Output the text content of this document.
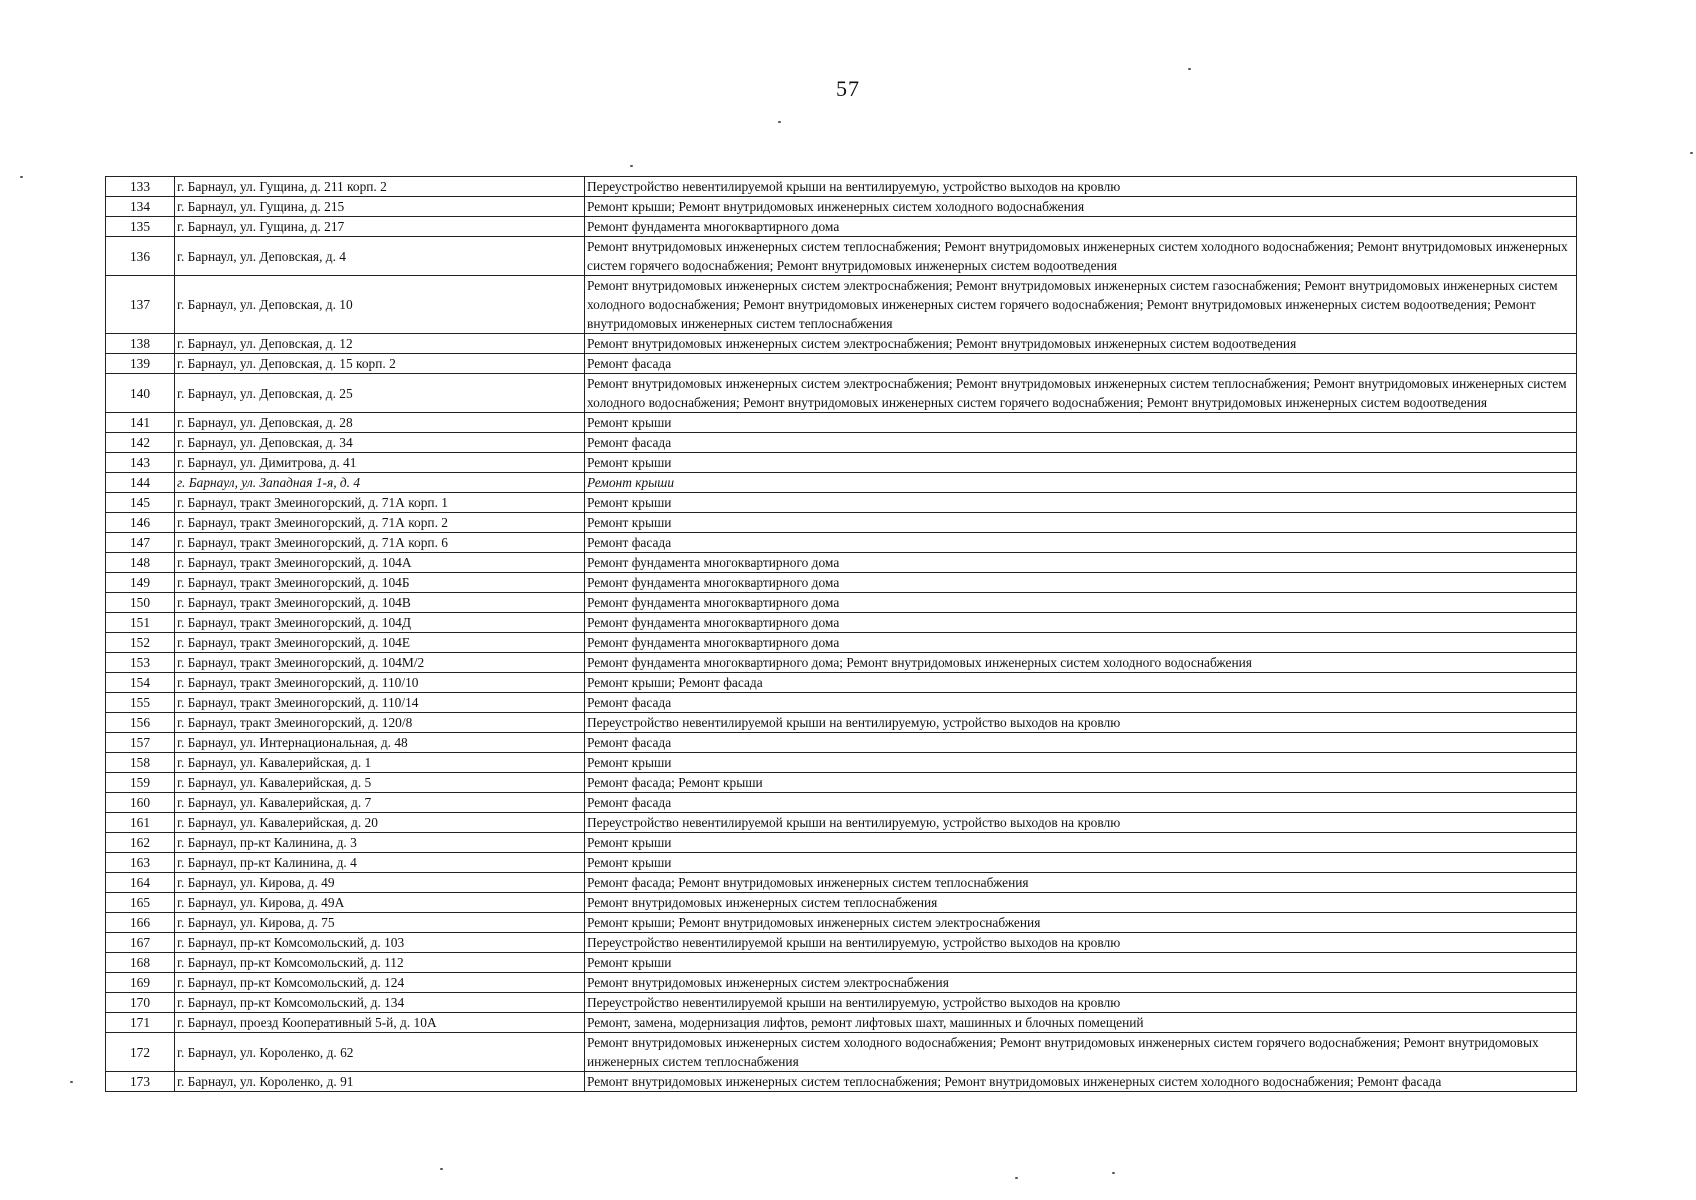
57
133	г. Барнаул, ул. Гущина, д. 211 корп. 2	Переустройство невентилируемой крыши на вентилируемую, устройство выходов на кровлю
134	г. Барнаул, ул. Гущина, д. 215	Ремонт крыши; Ремонт внутридомовых инженерных систем холодного водоснабжения
135	г. Барнаул, ул. Гущина, д. 217	Ремонт фундамента многоквартирного дома
136	г. Барнаул, ул. Деповская, д. 4	Ремонт внутридомовых инженерных систем теплоснабжения; Ремонт внутридомовых инженерных систем холодного водоснабжения; Ремонт внутридомовых инженерных систем горячего водоснабжения; Ремонт внутридомовых инженерных систем водоотведения
137	г. Барнаул, ул. Деповская, д. 10	Ремонт внутридомовых инженерных систем электроснабжения; Ремонт внутридомовых инженерных систем газоснабжения; Ремонт внутридомовых инженерных систем холодного водоснабжения; Ремонт внутридомовых инженерных систем горячего водоснабжения; Ремонт внутридомовых инженерных систем водоотведения; Ремонт внутридомовых инженерных систем теплоснабжения
138	г. Барнаул, ул. Деповская, д. 12	Ремонт внутридомовых инженерных систем электроснабжения; Ремонт внутридомовых инженерных систем водоотведения
139	г. Барнаул, ул. Деповская, д. 15 корп. 2	Ремонт фасада
140	г. Барнаул, ул. Деповская, д. 25	Ремонт внутридомовых инженерных систем электроснабжения; Ремонт внутридомовых инженерных систем теплоснабжения; Ремонт внутридомовых инженерных систем холодного водоснабжения; Ремонт внутридомовых инженерных систем горячего водоснабжения; Ремонт внутридомовых инженерных систем водоотведения
141	г. Барнаул, ул. Деповская, д. 28	Ремонт крыши
142	г. Барнаул, ул. Деповская, д. 34	Ремонт фасада
143	г. Барнаул, ул. Димитрова, д. 41	Ремонт крыши
144	г. Барнаул, ул. Западная 1-я, д. 4	Ремонт крыши
145	г. Барнаул, тракт Змеиногорский, д. 71А корп. 1	Ремонт крыши
146	г. Барнаул, тракт Змеиногорский, д. 71А корп. 2	Ремонт крыши
147	г. Барнаул, тракт Змеиногорский, д. 71А корп. 6	Ремонт фасада
148	г. Барнаул, тракт Змеиногорский, д. 104А	Ремонт фундамента многоквартирного дома
149	г. Барнаул, тракт Змеиногорский, д. 104Б	Ремонт фундамента многоквартирного дома
150	г. Барнаул, тракт Змеиногорский, д. 104В	Ремонт фундамента многоквартирного дома
151	г. Барнаул, тракт Змеиногорский, д. 104Д	Ремонт фундамента многоквартирного дома
152	г. Барнаул, тракт Змеиногорский, д. 104Е	Ремонт фундамента многоквартирного дома
153	г. Барнаул, тракт Змеиногорский, д. 104М/2	Ремонт фундамента многоквартирного дома; Ремонт внутридомовых инженерных систем холодного водоснабжения
154	г. Барнаул, тракт Змеиногорский, д. 110/10	Ремонт крыши; Ремонт фасада
155	г. Барнаул, тракт Змеиногорский, д. 110/14	Ремонт фасада
156	г. Барнаул, тракт Змеиногорский, д. 120/8	Переустройство невентилируемой крыши на вентилируемую, устройство выходов на кровлю
157	г. Барнаул, ул. Интернациональная, д. 48	Ремонт фасада
158	г. Барнаул, ул. Кавалерийская, д. 1	Ремонт крыши
159	г. Барнаул, ул. Кавалерийская, д. 5	Ремонт фасада; Ремонт крыши
160	г. Барнаул, ул. Кавалерийская, д. 7	Ремонт фасада
161	г. Барнаул, ул. Кавалерийская, д. 20	Переустройство невентилируемой крыши на вентилируемую, устройство выходов на кровлю
162	г. Барнаул, пр-кт Калинина, д. 3	Ремонт крыши
163	г. Барнаул, пр-кт Калинина, д. 4	Ремонт крыши
164	г. Барнаул, ул. Кирова, д. 49	Ремонт фасада; Ремонт внутридомовых инженерных систем теплоснабжения
165	г. Барнаул, ул. Кирова, д. 49А	Ремонт внутридомовых инженерных систем теплоснабжения
166	г. Барнаул, ул. Кирова, д. 75	Ремонт крыши; Ремонт внутридомовых инженерных систем электроснабжения
167	г. Барнаул, пр-кт Комсомольский, д. 103	Переустройство невентилируемой крыши на вентилируемую, устройство выходов на кровлю
168	г. Барнаул, пр-кт Комсомольский, д. 112	Ремонт крыши
169	г. Барнаул, пр-кт Комсомольский, д. 124	Ремонт внутридомовых инженерных систем электроснабжения
170	г. Барнаул, пр-кт Комсомольский, д. 134	Переустройство невентилируемой крыши на вентилируемую, устройство выходов на кровлю
171	г. Барнаул, проезд Кооперативный 5-й, д. 10А	Ремонт, замена, модернизация лифтов, ремонт лифтовых шахт, машинных и блочных помещений
172	г. Барнаул, ул. Короленко, д. 62	Ремонт внутридомовых инженерных систем холодного водоснабжения; Ремонт внутридомовых инженерных систем горячего водоснабжения; Ремонт внутридомовых инженерных систем теплоснабжения
173	г. Барнаул, ул. Короленко, д. 91	Ремонт внутридомовых инженерных систем теплоснабжения; Ремонт внутридомовых инженерных систем холодного водоснабжения; Ремонт фасада
